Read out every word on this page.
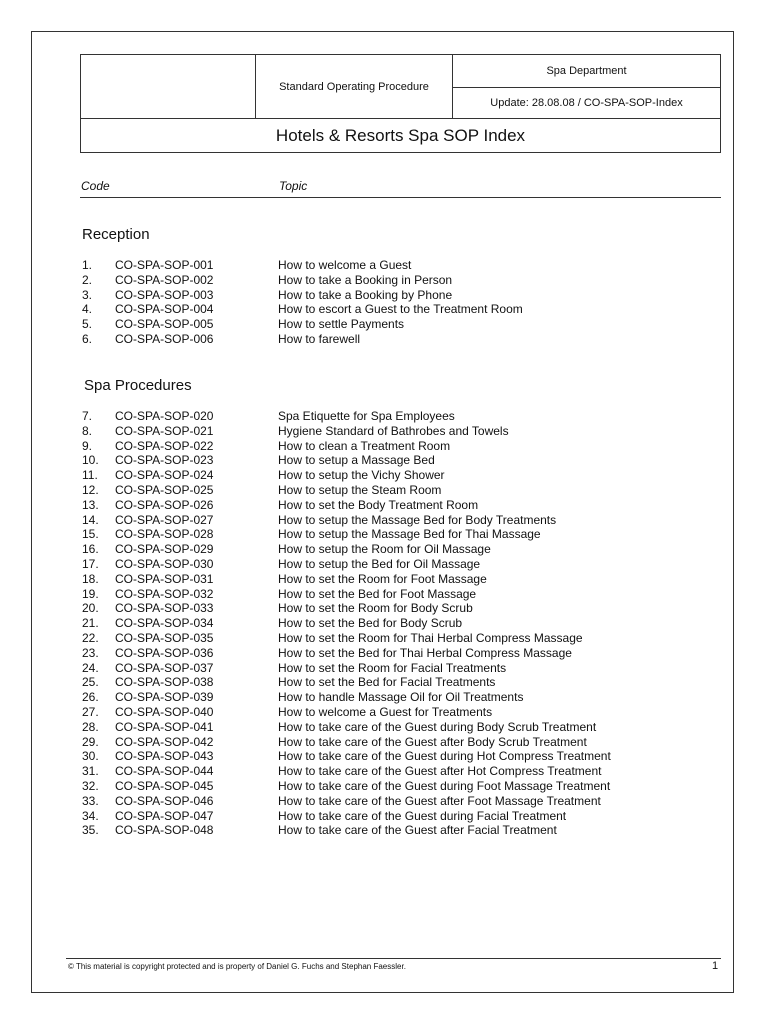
Standard Operating Procedure
Spa Department
Update: 28.08.08 / CO-SPA-SOP-Index
Hotels & Resorts Spa SOP Index
Code	Topic
Reception
1. CO-SPA-SOP-001	How to welcome a Guest
2. CO-SPA-SOP-002	How to take a Booking in Person
3. CO-SPA-SOP-003	How to take a Booking by Phone
4. CO-SPA-SOP-004	How to escort a Guest to the Treatment Room
5. CO-SPA-SOP-005	How to settle Payments
6. CO-SPA-SOP-006	How to farewell
Spa Procedures
7. CO-SPA-SOP-020	Spa Etiquette for Spa Employees
8. CO-SPA-SOP-021	Hygiene Standard of Bathrobes and Towels
9. CO-SPA-SOP-022	How to clean a Treatment Room
10. CO-SPA-SOP-023	How to setup a Massage Bed
11. CO-SPA-SOP-024	How to setup the Vichy Shower
12. CO-SPA-SOP-025	How to setup the Steam Room
13. CO-SPA-SOP-026	How to set the Body Treatment Room
14. CO-SPA-SOP-027	How to setup the Massage Bed for Body Treatments
15. CO-SPA-SOP-028	How to setup the Massage Bed for Thai Massage
16. CO-SPA-SOP-029	How to setup the Room for Oil Massage
17. CO-SPA-SOP-030	How to setup the Bed for Oil Massage
18. CO-SPA-SOP-031	How to set the Room for Foot Massage
19. CO-SPA-SOP-032	How to set the Bed for Foot Massage
20. CO-SPA-SOP-033	How to set the Room for Body Scrub
21. CO-SPA-SOP-034	How to set the Bed for Body Scrub
22. CO-SPA-SOP-035	How to set the Room for Thai Herbal Compress Massage
23. CO-SPA-SOP-036	How to set the Bed for Thai Herbal Compress Massage
24. CO-SPA-SOP-037	How to set the Room for Facial Treatments
25. CO-SPA-SOP-038	How to set the Bed for Facial Treatments
26. CO-SPA-SOP-039	How to handle Massage Oil for Oil Treatments
27. CO-SPA-SOP-040	How to welcome a Guest for Treatments
28. CO-SPA-SOP-041	How to take care of the Guest during Body Scrub Treatment
29. CO-SPA-SOP-042	How to take care of the Guest after Body Scrub Treatment
30. CO-SPA-SOP-043	How to take care of the Guest during Hot Compress Treatment
31. CO-SPA-SOP-044	How to take care of the Guest after Hot Compress Treatment
32. CO-SPA-SOP-045	How to take care of the Guest during Foot Massage Treatment
33. CO-SPA-SOP-046	How to take care of the Guest after Foot Massage Treatment
34. CO-SPA-SOP-047	How to take care of the Guest during Facial Treatment
35. CO-SPA-SOP-048	How to take care of the Guest after Facial Treatment
© This material is copyright protected and is property of Daniel G. Fuchs and Stephan Faessler.	1
